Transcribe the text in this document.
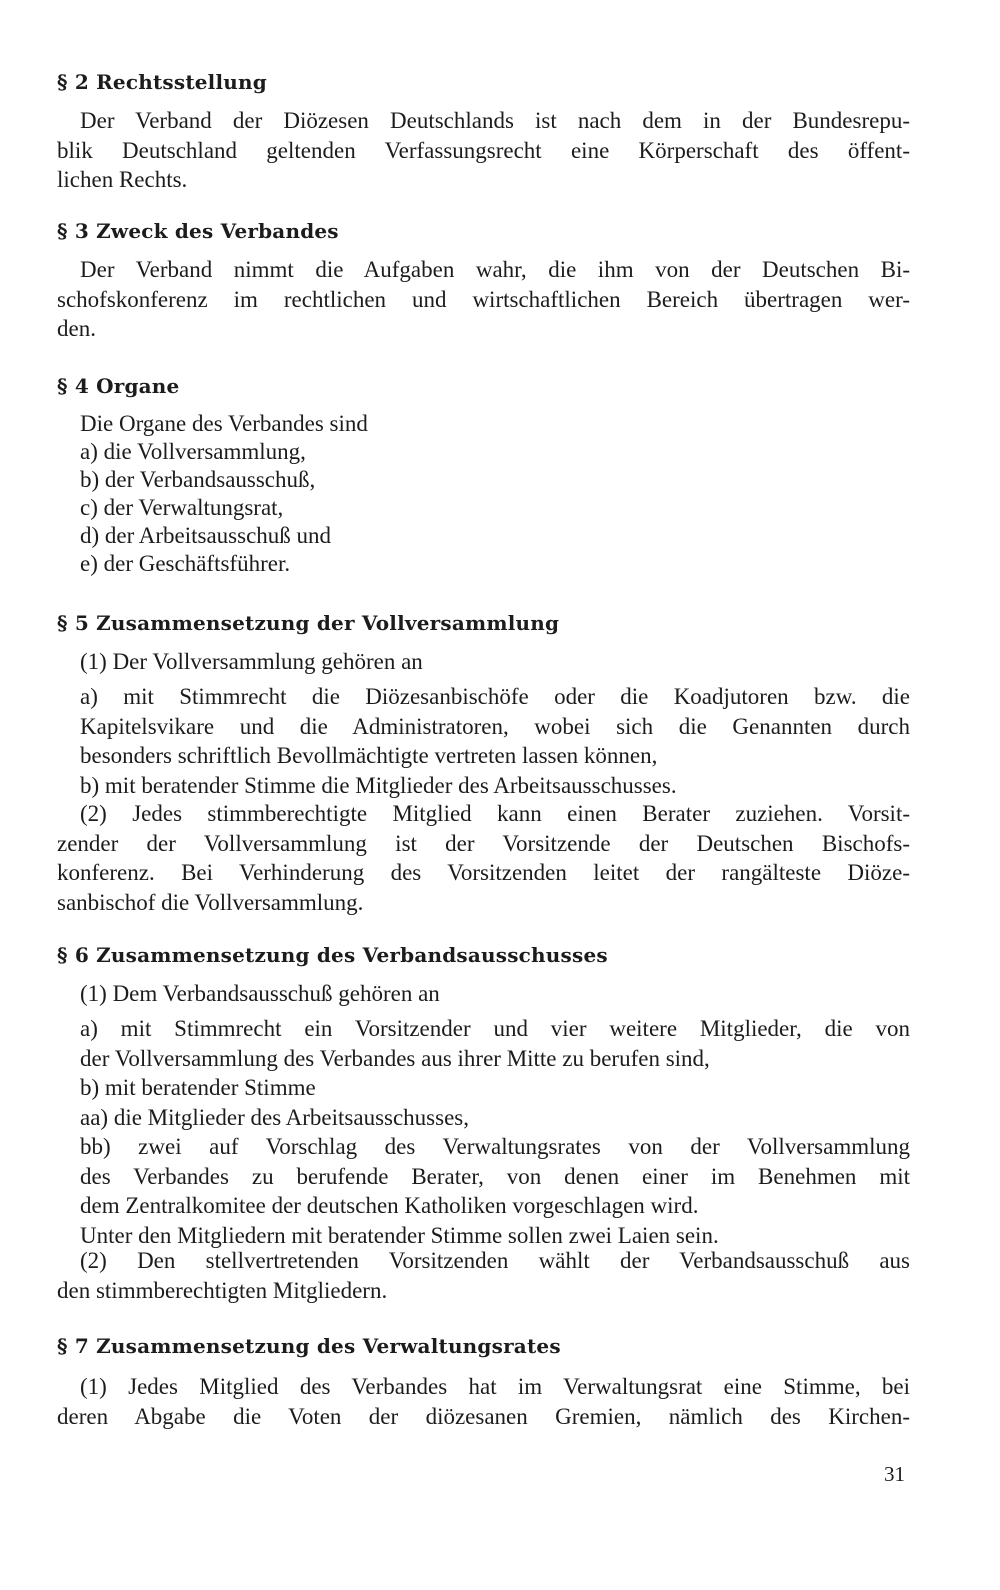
§ 2 Rechtsstellung
Der Verband der Diözesen Deutschlands ist nach dem in der Bundesrepu-
blik Deutschland geltenden Verfassungsrecht eine Körperschaft des öffent-
lichen Rechts.
§ 3 Zweck des Verbandes
Der Verband nimmt die Aufgaben wahr, die ihm von der Deutschen Bi-
schofskonferenz im rechtlichen und wirtschaftlichen Bereich übertragen wer-
den.
§ 4 Organe
Die Organe des Verbandes sind
a) die Vollversammlung,
b) der Verbandsausschuß,
c) der Verwaltungsrat,
d) der Arbeitsausschuß und
e) der Geschäftsführer.
§ 5 Zusammensetzung der Vollversammlung
(1) Der Vollversammlung gehören an
a) mit Stimmrecht die Diözesanbischöfe oder die Koadjutoren bzw. die
Kapitelsvikare und die Administratoren, wobei sich die Genannten durch
besonders schriftlich Bevollmächtigte vertreten lassen können,
b) mit beratender Stimme die Mitglieder des Arbeitsausschusses.
(2) Jedes stimmberechtigte Mitglied kann einen Berater zuziehen. Vorsit-
zender der Vollversammlung ist der Vorsitzende der Deutschen Bischofs-
konferenz. Bei Verhinderung des Vorsitzenden leitet der rangälteste Diöze-
sanbischof die Vollversammlung.
§ 6 Zusammensetzung des Verbandsausschusses
(1) Dem Verbandsausschuß gehören an
a) mit Stimmrecht ein Vorsitzender und vier weitere Mitglieder, die von
der Vollversammlung des Verbandes aus ihrer Mitte zu berufen sind,
b) mit beratender Stimme
aa) die Mitglieder des Arbeitsausschusses,
bb) zwei auf Vorschlag des Verwaltungsrates von der Vollversammlung
des Verbandes zu berufende Berater, von denen einer im Benehmen mit
dem Zentralkomitee der deutschen Katholiken vorgeschlagen wird.
Unter den Mitgliedern mit beratender Stimme sollen zwei Laien sein.
(2) Den stellvertretenden Vorsitzenden wählt der Verbandsausschuß aus
den stimmberechtigten Mitgliedern.
§ 7 Zusammensetzung des Verwaltungsrates
(1) Jedes Mitglied des Verbandes hat im Verwaltungsrat eine Stimme, bei
deren Abgabe die Voten der diözesanen Gremien, nämlich des Kirchen-
31
